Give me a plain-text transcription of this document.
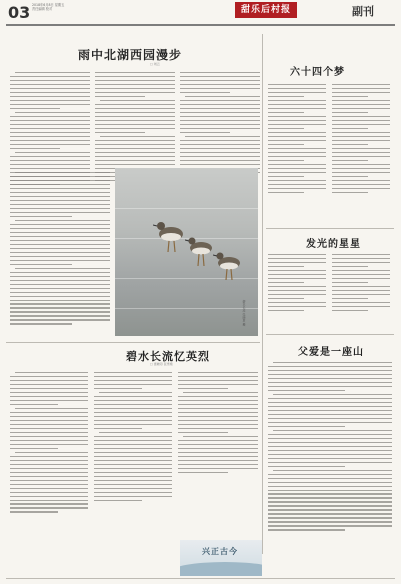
03 2018年6月8日 星期五
责任编辑 校对	甜乐后村报	副刊
雨中北湖西园漫步
□ 刘云
碧水长流 张晓君 摄
六十四个梦
发光的星星
父爱是一座山
碧水长流忆英烈
□ 雷晓丹 张雪艳
兴正古今
